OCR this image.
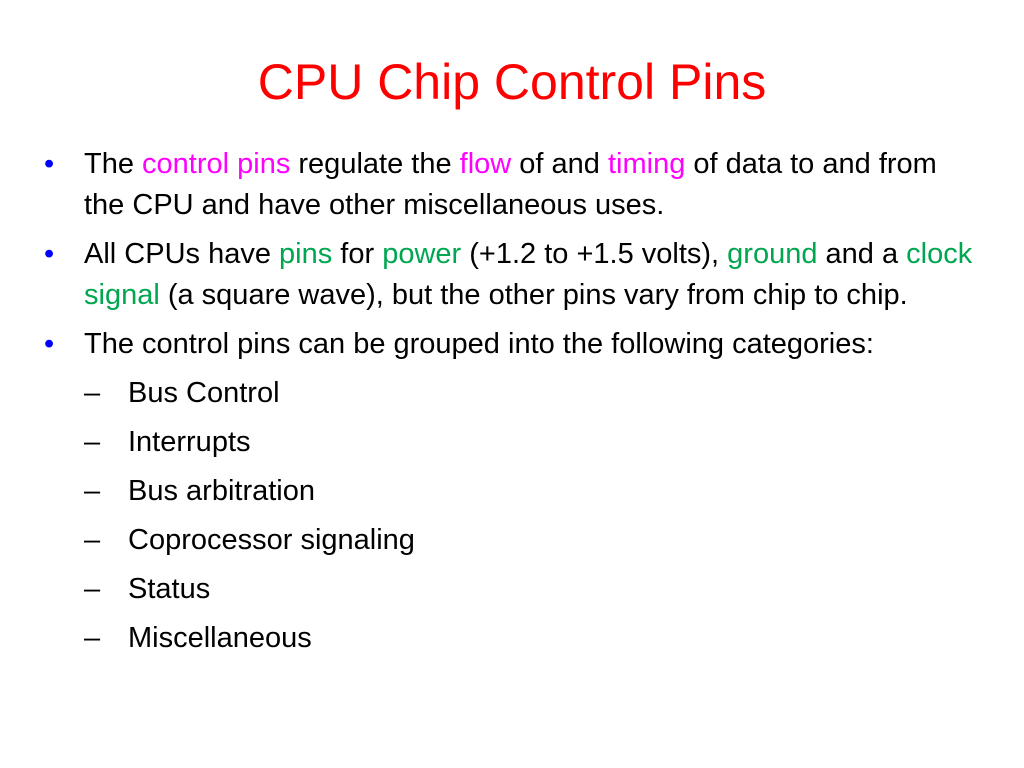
CPU Chip Control Pins
•	The control pins regulate the flow of and timing of data to and from the CPU and have other miscellaneous uses.
•	All CPUs have pins for power (+1.2 to +1.5 volts), ground and a clock signal (a square wave), but the other pins vary from chip to chip.
•	The control pins can be grouped into the following categories:
– Bus Control
– Interrupts
– Bus arbitration
– Coprocessor signaling
– Status
– Miscellaneous
